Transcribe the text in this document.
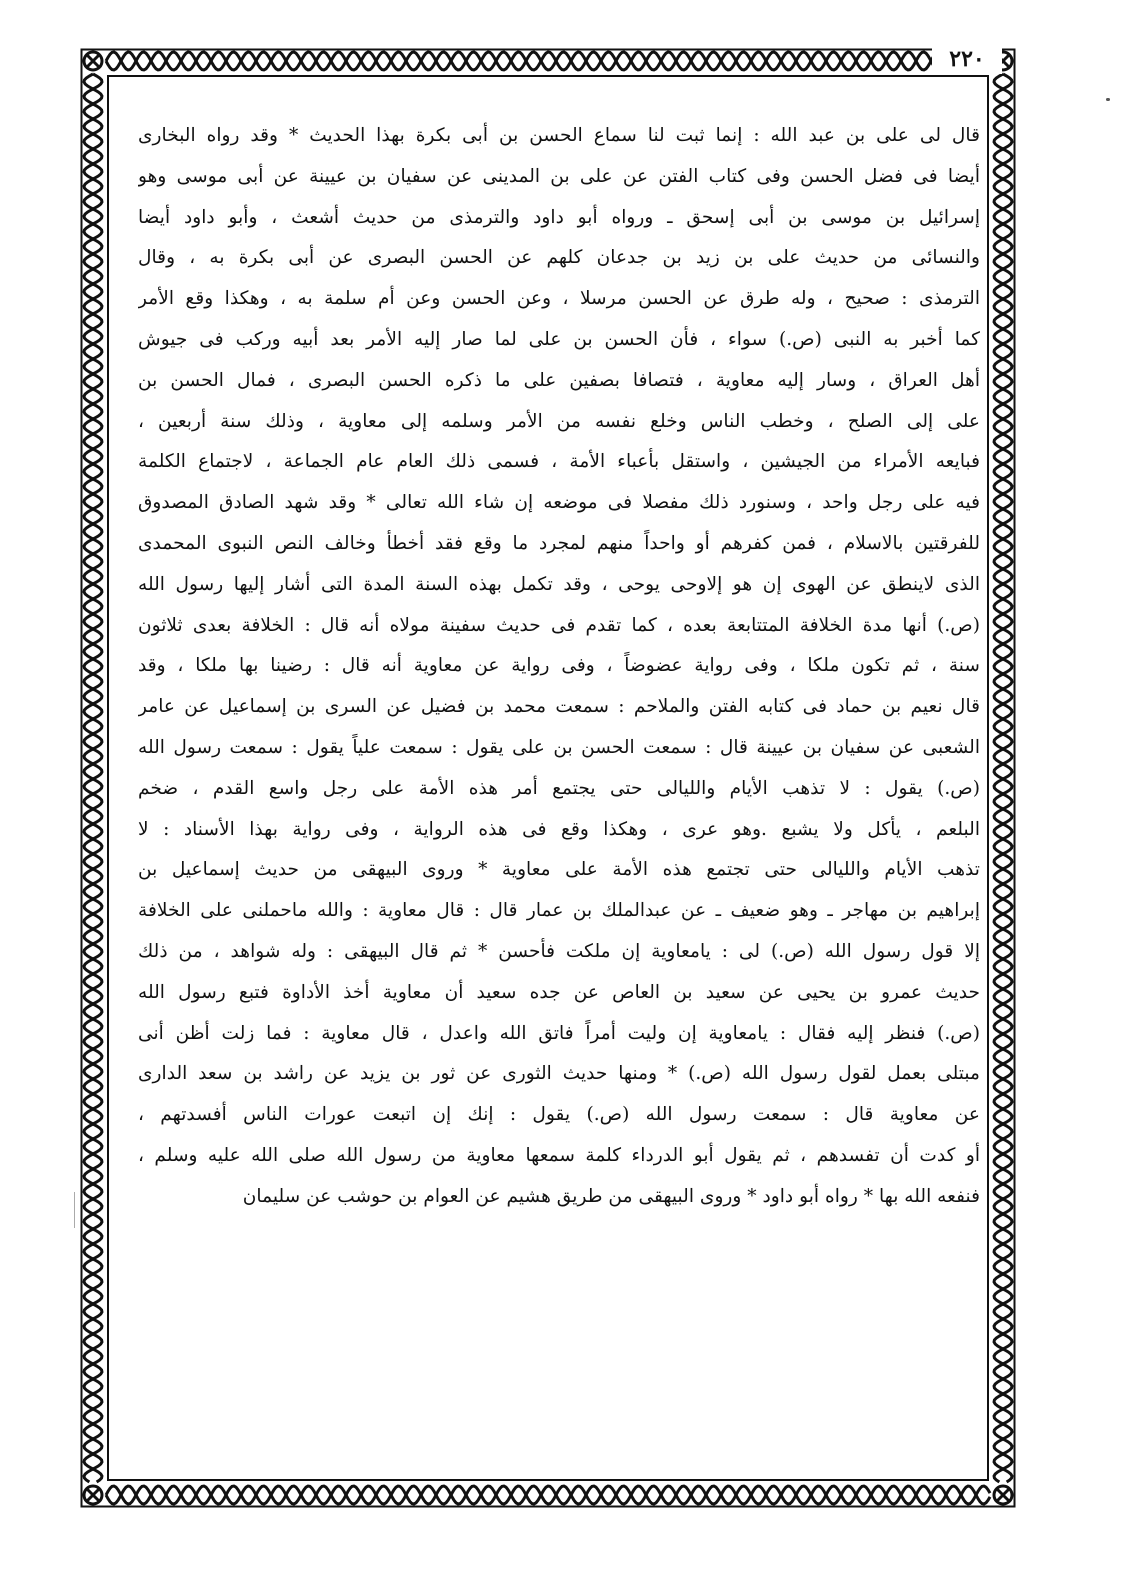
٢٢٠
قال لى على بن عبد الله : إنما ثبت لنا سماع الحسن بن أبى بكرة بهذا الحديث * وقد رواه البخارى
أيضا فى فضل الحسن وفى كتاب الفتن عن على بن المدينى عن سفيان بن عيينة عن أبى موسى وهو
إسرائيل بن موسى بن أبى إسحق ـ ورواه أبو داود والترمذى من حديث أشعث ، وأبو داود أيضا
والنسائى من حديث على بن زيد بن جدعان كلهم عن الحسن البصرى عن أبى بكرة به ، وقال
الترمذى : صحيح ، وله طرق عن الحسن مرسلا ، وعن الحسن وعن أم سلمة به ، وهكذا وقع الأمر
كما أخبر به النبى (ص.) سواء ، فأن الحسن بن على لما صار إليه الأمر بعد أبيه وركب فى جيوش
أهل العراق ، وسار إليه معاوية ، فتصافا بصفين على ما ذكره الحسن البصرى ، فمال الحسن بن
على إلى الصلح ، وخطب الناس وخلع نفسه من الأمر وسلمه إلى معاوية ، وذلك سنة أربعين ،
فبايعه الأمراء من الجيشين ، واستقل بأعباء الأمة ، فسمى ذلك العام عام الجماعة ، لاجتماع الكلمة
فيه على رجل واحد ، وسنورد ذلك مفصلا فى موضعه إن شاء الله تعالى * وقد شهد الصادق المصدوق
للفرقتين بالاسلام ، فمن كفرهم أو واحداً منهم لمجرد ما وقع فقد أخطأ وخالف النص النبوى المحمدى
الذى لاينطق عن الهوى إن هو إلاوحى يوحى ، وقد تكمل بهذه السنة المدة التى أشار إليها رسول الله
(ص.) أنها مدة الخلافة المتتابعة بعده ، كما تقدم فى حديث سفينة مولاه أنه قال : الخلافة بعدى ثلاثون
سنة ، ثم تكون ملكا ، وفى رواية عضوضاً ، وفى رواية عن معاوية أنه قال : رضينا بها ملكا ، وقد
قال نعيم بن حماد فى كتابه الفتن والملاحم : سمعت محمد بن فضيل عن السرى بن إسماعيل عن عامر
الشعبى عن سفيان بن عيينة قال : سمعت الحسن بن على يقول : سمعت علياً يقول : سمعت رسول الله
(ص.) يقول : لا تذهب الأيام والليالى حتى يجتمع أمر هذه الأمة على رجل واسع القدم ، ضخم
البلعم ، يأكل ولا يشبع .وهو عرى ، وهكذا وقع فى هذه الرواية ، وفى رواية بهذا الأسناد : لا
تذهب الأيام والليالى حتى تجتمع هذه الأمة على معاوية * وروى البيهقى من حديث إسماعيل بن
إبراهيم بن مهاجر ـ وهو ضعيف ـ عن عبدالملك بن عمار قال : قال معاوية : والله ماحملنى على الخلافة
إلا قول رسول الله (ص.) لى : يامعاوية إن ملكت فأحسن * ثم قال البيهقى : وله شواهد ، من ذلك
حديث عمرو بن يحيى عن سعيد بن العاص عن جده سعيد أن معاوية أخذ الأداوة فتبع رسول الله
(ص.) فنظر إليه فقال : يامعاوية إن وليت أمراً فاتق الله واعدل ، قال معاوية : فما زلت أظن أنى
مبتلى بعمل لقول رسول الله (ص.) * ومنها حديث الثورى عن ثور بن يزيد عن راشد بن سعد الدارى
عن معاوية قال : سمعت رسول الله (ص.) يقول : إنك إن اتبعت عورات الناس أفسدتهم ،
أو كدت أن تفسدهم ، ثم يقول أبو الدرداء كلمة سمعها معاوية من رسول الله صلى الله عليه وسلم ،
فنفعه الله بها * رواه أبو داود * وروى البيهقى من طريق هشيم عن العوام بن حوشب عن سليمان
